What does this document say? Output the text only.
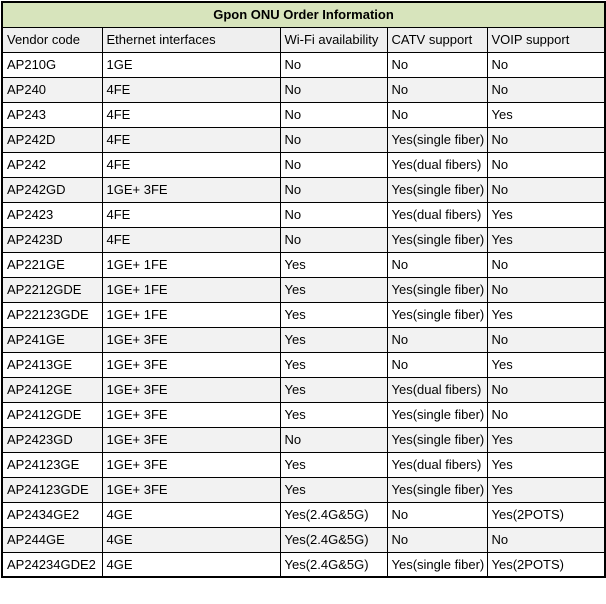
Gpon ONU Order Information				
Vendor code	Ethernet interfaces	Wi-Fi availability	CATV support	VOIP support
AP210G	1GE	No	No	No
AP240	4FE	No	No	No
AP243	4FE	No	No	Yes
AP242D	4FE	No	Yes(single fiber)	No
AP242	4FE	No	Yes(dual fibers)	No
AP242GD	1GE+ 3FE	No	Yes(single fiber)	No
AP2423	4FE	No	Yes(dual fibers)	Yes
AP2423D	4FE	No	Yes(single fiber)	Yes
AP221GE	1GE+ 1FE	Yes	No	No
AP2212GDE	1GE+ 1FE	Yes	Yes(single fiber)	No
AP22123GDE	1GE+ 1FE	Yes	Yes(single fiber)	Yes
AP241GE	1GE+ 3FE	Yes	No	No
AP2413GE	1GE+ 3FE	Yes	No	Yes
AP2412GE	1GE+ 3FE	Yes	Yes(dual fibers)	No
AP2412GDE	1GE+ 3FE	Yes	Yes(single fiber)	No
AP2423GD	1GE+ 3FE	No	Yes(single fiber)	Yes
AP24123GE	1GE+ 3FE	Yes	Yes(dual fibers)	Yes
AP24123GDE	1GE+ 3FE	Yes	Yes(single fiber)	Yes
AP2434GE2	4GE	Yes(2.4G&5G)	No	Yes(2POTS)
AP244GE	4GE	Yes(2.4G&5G)	No	No
AP24234GDE2	4GE	Yes(2.4G&5G)	Yes(single fiber)	Yes(2POTS)
